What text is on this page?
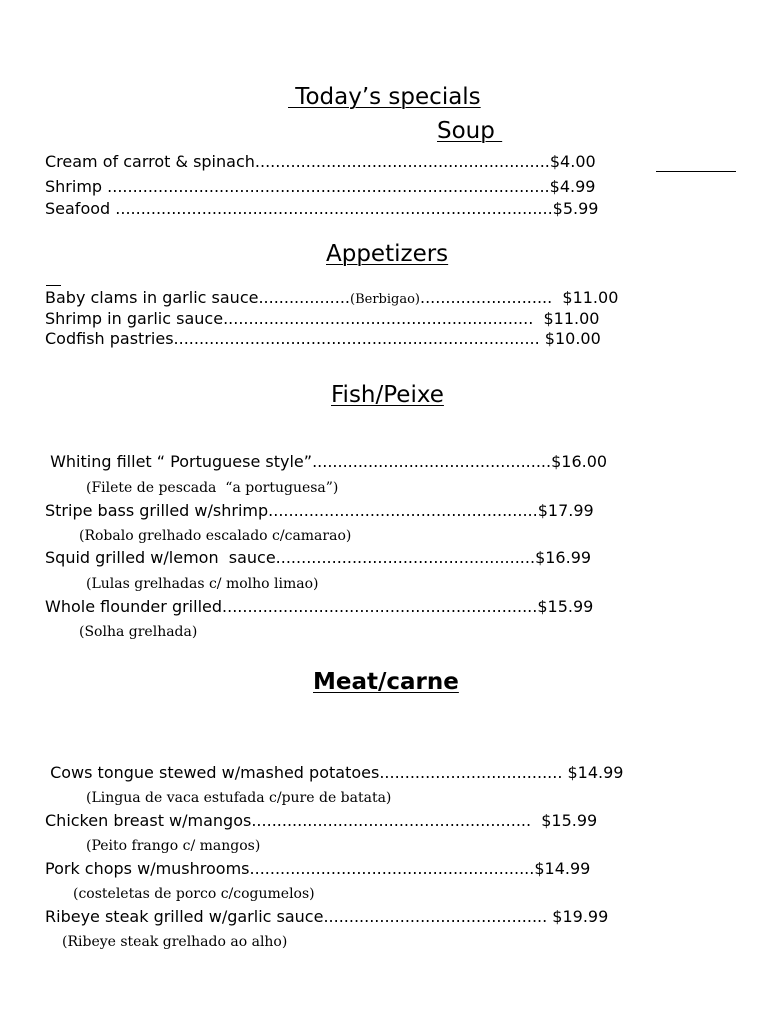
Today’s specials
Soup
Cream of carrot & spinach..........................................................$4.00
Shrimp .......................................................................................$4.99
Seafood ......................................................................................$5.99
Appetizers
Baby clams in garlic sauce..................(Berbigao)..........................  $11.00
Shrimp in garlic sauce.............................................................  $11.00
Codfish pastries........................................................................ $10.00
Fish/Peixe
Whiting fillet “ Portuguese style”...............................................$16.00
(Filete de pescada  “a portuguesa”)
Stripe bass grilled w/shrimp.....................................................$17.99
(Robalo grelhado escalado c/camarao)
Squid grilled w/lemon  sauce...................................................$16.99
(Lulas grelhadas c/ molho limao)
Whole flounder grilled..............................................................$15.99
(Solha grelhada)
Meat/carne
Cows tongue stewed w/mashed potatoes.................................... $14.99
(Lingua de vaca estufada c/pure de batata)
Chicken breast w/mangos.......................................................  $15.99
(Peito frango c/ mangos)
Pork chops w/mushrooms........................................................$14.99
(costeletas de porco c/cogumelos)
Ribeye steak grilled w/garlic sauce............................................ $19.99
(Ribeye steak grelhado ao alho)
